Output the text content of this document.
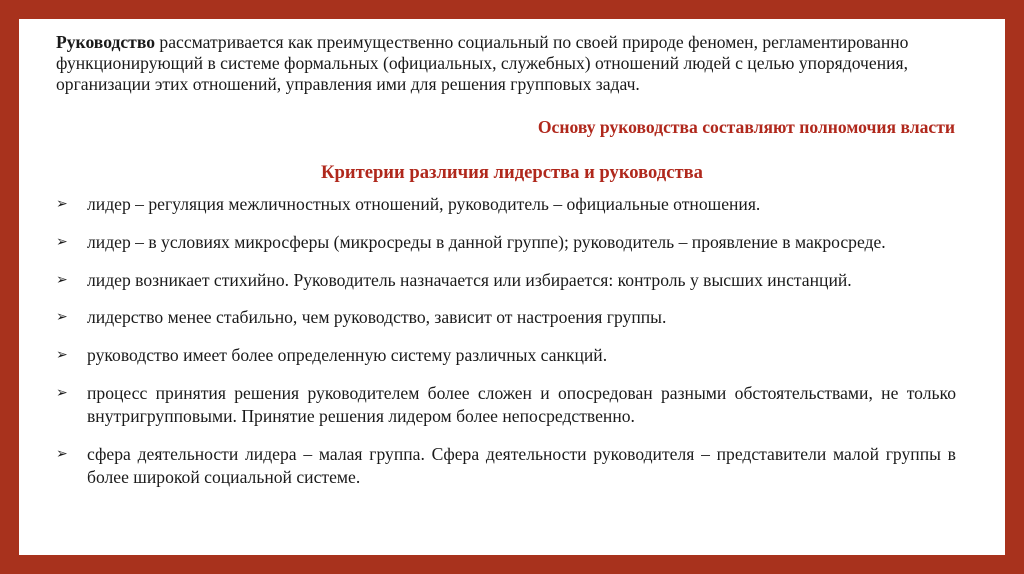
Руководство рассматривается как преимущественно социальный по своей природе феномен, регламентированно функционирующий в системе формальных (официальных, служебных) отношений людей с целью упорядочения, организации этих отношений, управления ими для решения групповых задач.

Основу руководства составляют полномочия власти

Критерии различия лидерства и руководства

➢ лидер – регуляция межличностных отношений, руководитель – официальные отношения.
➢ лидер – в условиях микросферы (микросреды в данной группе); руководитель – проявление в макросреде.
➢ лидер возникает стихийно. Руководитель назначается или избирается: контроль у высших инстанций.
➢ лидерство менее стабильно, чем руководство, зависит от настроения группы.
➢ руководство имеет более определенную систему различных санкций.
➢ процесс принятия решения руководителем более сложен и опосредован разными обстоятельствами, не только внутригрупповыми. Принятие решения лидером более непосредственно.
➢ сфера деятельности лидера – малая группа. Сфера деятельности руководителя – представители малой группы в более широкой социальной системе.
